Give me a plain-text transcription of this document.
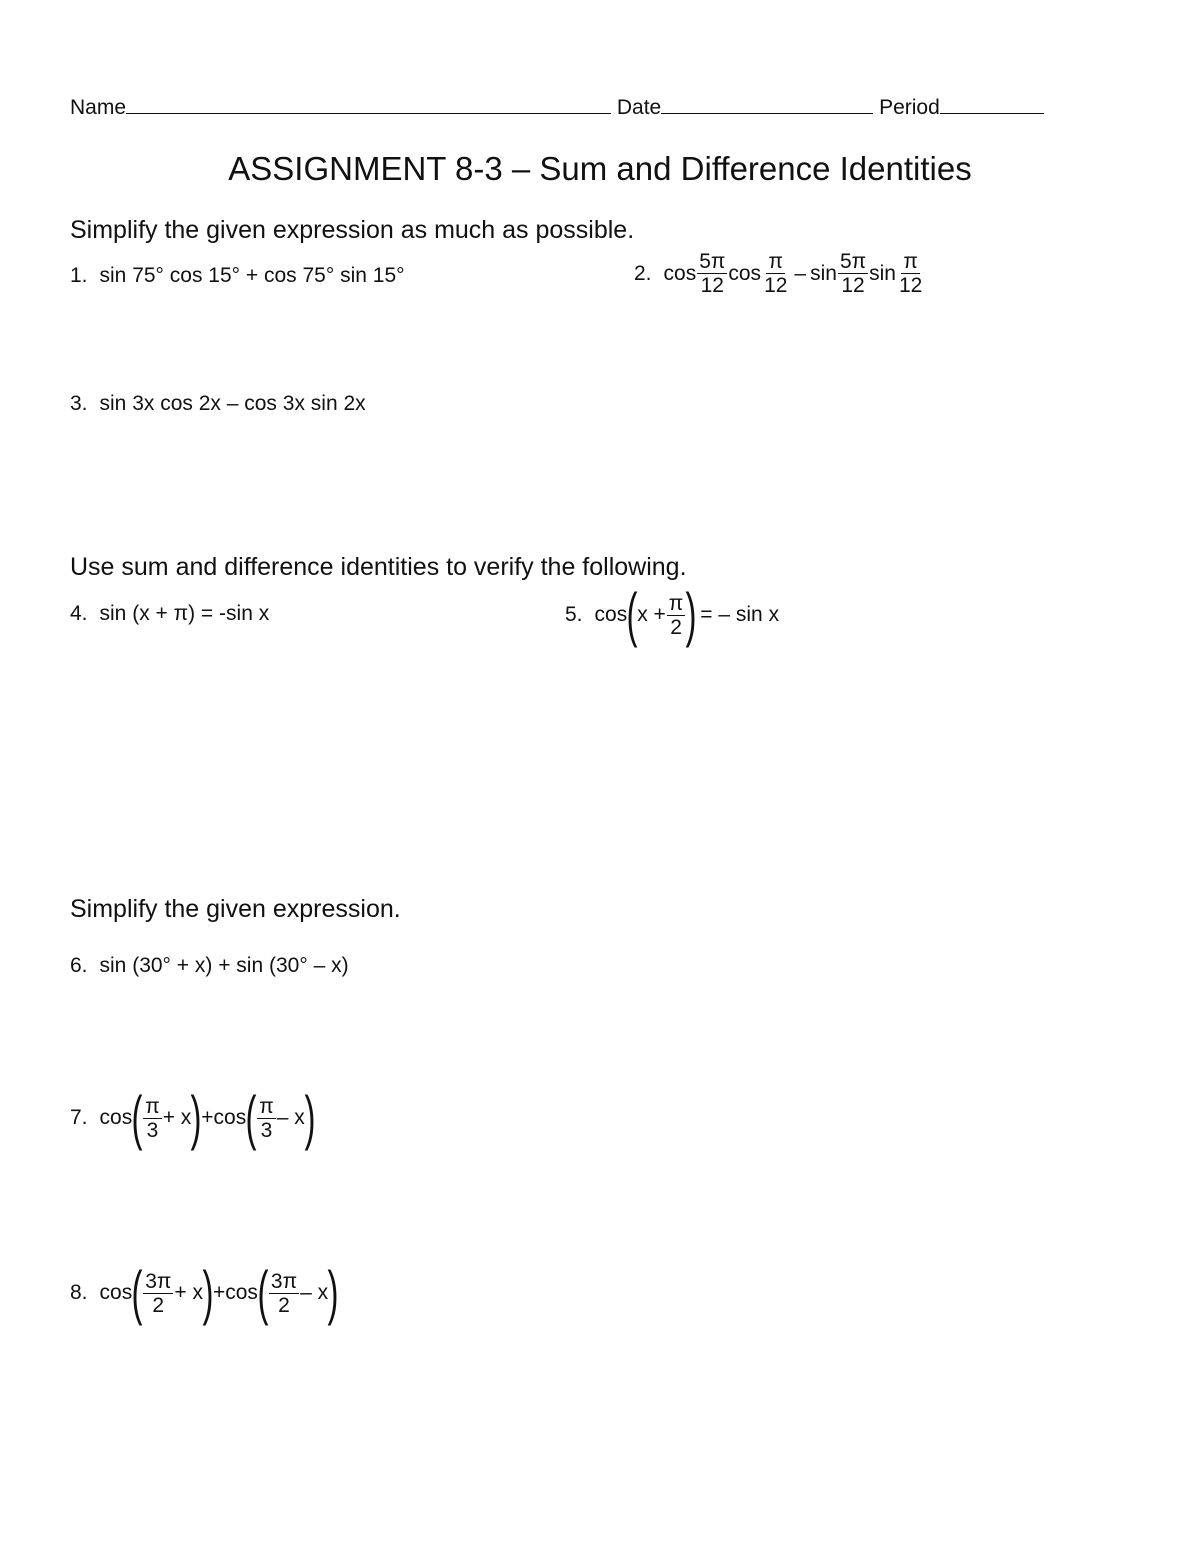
Name	Date	Period
ASSIGNMENT 8-3 – Sum and Difference Identities
Simplify the given expression as much as possible.
1. sin 75° cos 15° + cos 75° sin 15°	2. $\cos \frac{5\pi}{12}$ $\cos \frac{\pi}{12}$ – $\sin \frac{5\pi}{12}$ $\sin \frac{\pi}{12}$
3. sin 3x cos 2x – cos 3x sin 2x
Use sum and difference identities to verify the following.
4. sin (x + π) = -sin x	5. cos ( $x + \frac{\pi}{2}$ ) = – sin x
Simplify the given expression.
6. sin (30° + x) + sin (30° – x)
7. cos ( $\frac{\pi}{3} + x$ ) + cos ( $\frac{\pi}{3}$ – x )
8. cos ( $\frac{3\pi}{2} + x$ ) + cos ( $\frac{3\pi}{2}$ – x )
